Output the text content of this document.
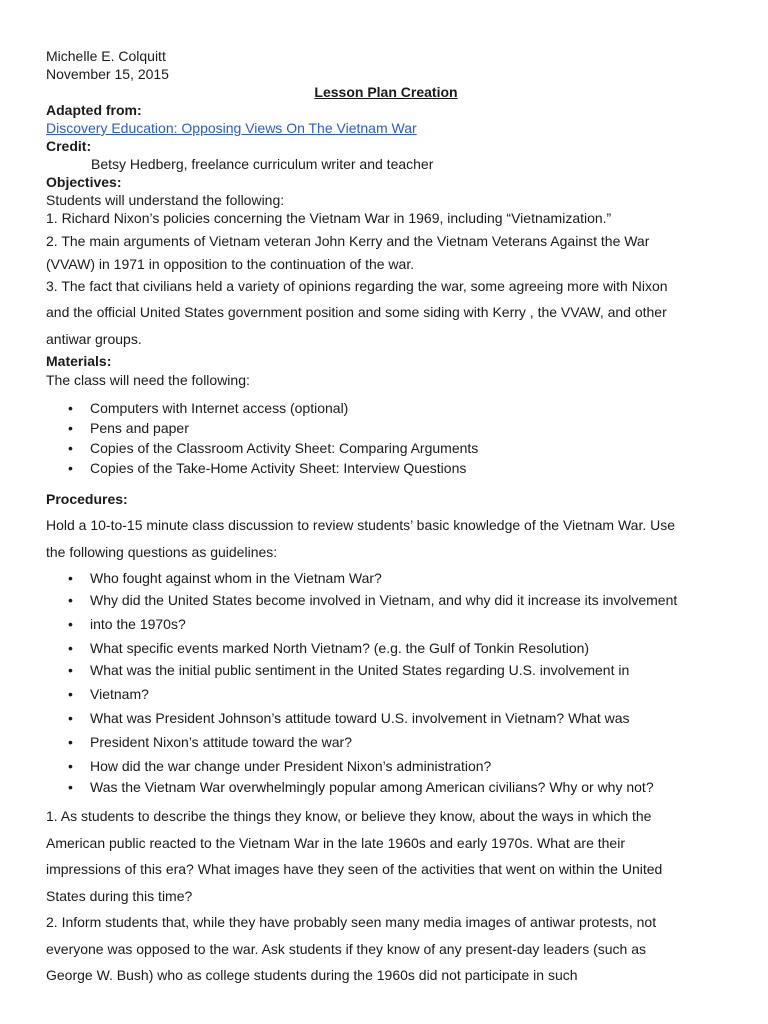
Michelle E. Colquitt
November 15, 2015
Lesson Plan Creation
Adapted from:
Discovery Education: Opposing Views On The Vietnam War
Credit:
Betsy Hedberg, freelance curriculum writer and teacher
Objectives:
Students will understand the following:
1. Richard Nixon’s policies concerning the Vietnam War in 1969, including “Vietnamization.”
2. The main arguments of Vietnam veteran John Kerry and the Vietnam Veterans Against the War
(VVAW) in 1971 in opposition to the continuation of the war.
3. The fact that civilians held a variety of opinions regarding the war, some agreeing more with Nixon
and the official United States government position and some siding with Kerry , the VVAW, and other
antiwar groups.
Materials:
The class will need the following:
• Computers with Internet access (optional)
• Pens and paper
• Copies of the Classroom Activity Sheet: Comparing Arguments
• Copies of the Take-Home Activity Sheet: Interview Questions
Procedures:
Hold a 10-to-15 minute class discussion to review students’ basic knowledge of the Vietnam War. Use
the following questions as guidelines:
• Who fought against whom in the Vietnam War?
• Why did the United States become involved in Vietnam, and why did it increase its involvement
• into the 1970s?
• What specific events marked North Vietnam? (e.g. the Gulf of Tonkin Resolution)
• What was the initial public sentiment in the United States regarding U.S. involvement in
• Vietnam?
• What was President Johnson’s attitude toward U.S. involvement in Vietnam? What was
• President Nixon’s attitude toward the war?
• How did the war change under President Nixon’s administration?
• Was the Vietnam War overwhelmingly popular among American civilians? Why or why not?
1. As students to describe the things they know, or believe they know, about the ways in which the
American public reacted to the Vietnam War in the late 1960s and early 1970s. What are their
impressions of this era? What images have they seen of the activities that went on within the United
States during this time?
2. Inform students that, while they have probably seen many media images of antiwar protests, not
everyone was opposed to the war. Ask students if they know of any present-day leaders (such as
George W. Bush) who as college students during the 1960s did not participate in such
